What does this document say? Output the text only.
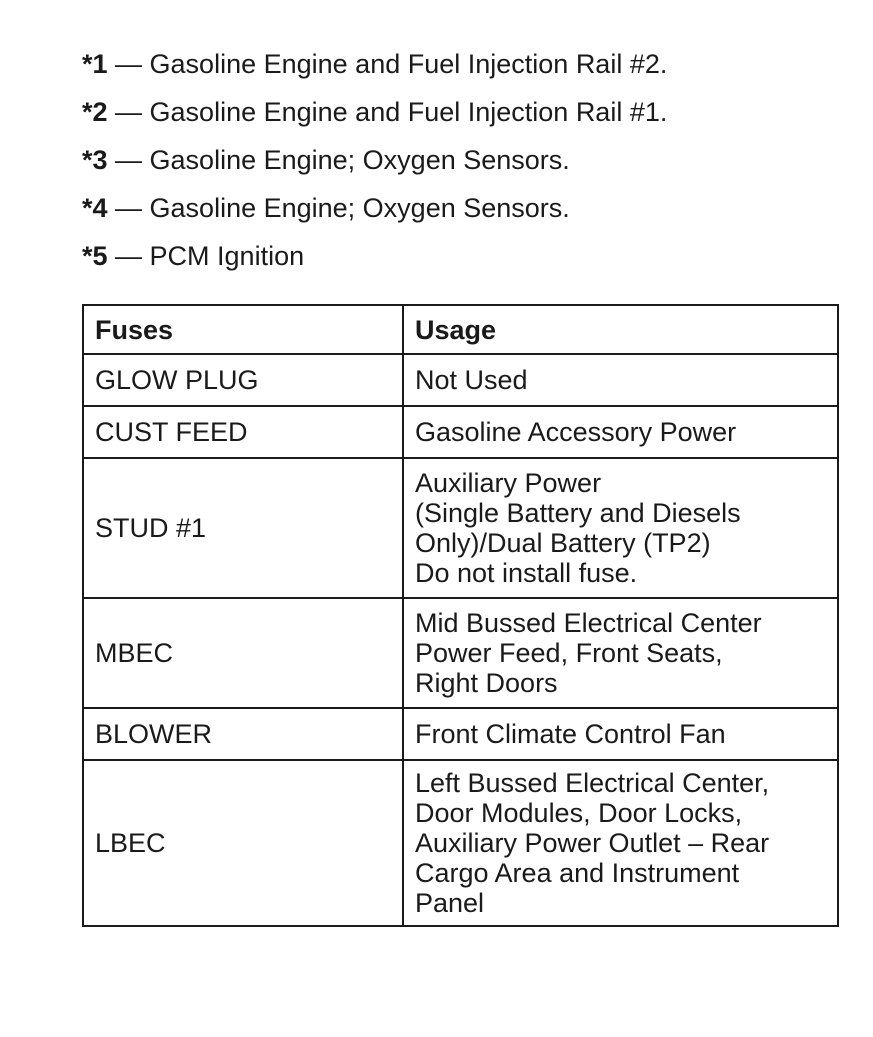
*1 — Gasoline Engine and Fuel Injection Rail #2.
*2 — Gasoline Engine and Fuel Injection Rail #1.
*3 — Gasoline Engine; Oxygen Sensors.
*4 — Gasoline Engine; Oxygen Sensors.
*5 — PCM Ignition
Fuses	Usage
GLOW PLUG	Not Used

CUST FEED	Gasoline Accessory Power

STUD #1	Auxiliary Power
(Single Battery and Diesels
Only)/Dual Battery (TP2)
Do not install fuse.

MBEC	Mid Bussed Electrical Center
Power Feed, Front Seats,
Right Doors

BLOWER	Front Climate Control Fan

LBEC	Left Bussed Electrical Center,
Door Modules, Door Locks,
Auxiliary Power Outlet – Rear
Cargo Area and Instrument
Panel
